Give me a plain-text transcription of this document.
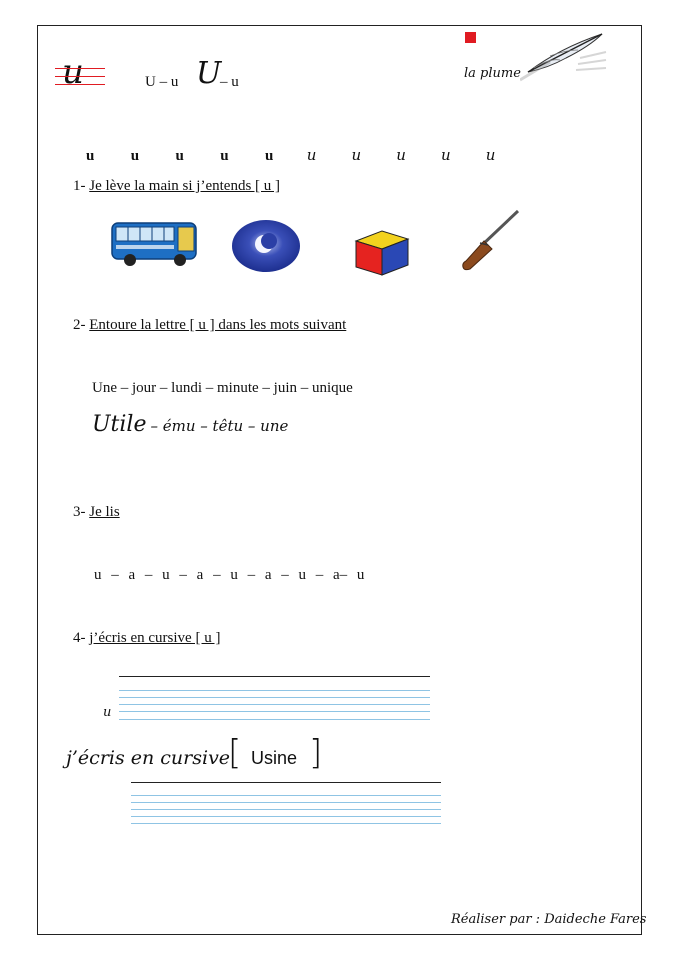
u	U – u U
– u
la plume
u u u u u u u u u u
1- Je lève la main si j’entends [ u ]
2- Entoure la lettre [ u ] dans les mots suivant
Une – jour – lundi – minute – juin – unique
Utile – ému – têtu – une
3- Je lis
u – a – u – a – u – a – u – a– u
4- j’écris en cursive [ u ]
u
j’écris en cursive
[ Usine ]
Réaliser par : Daideche Fares
